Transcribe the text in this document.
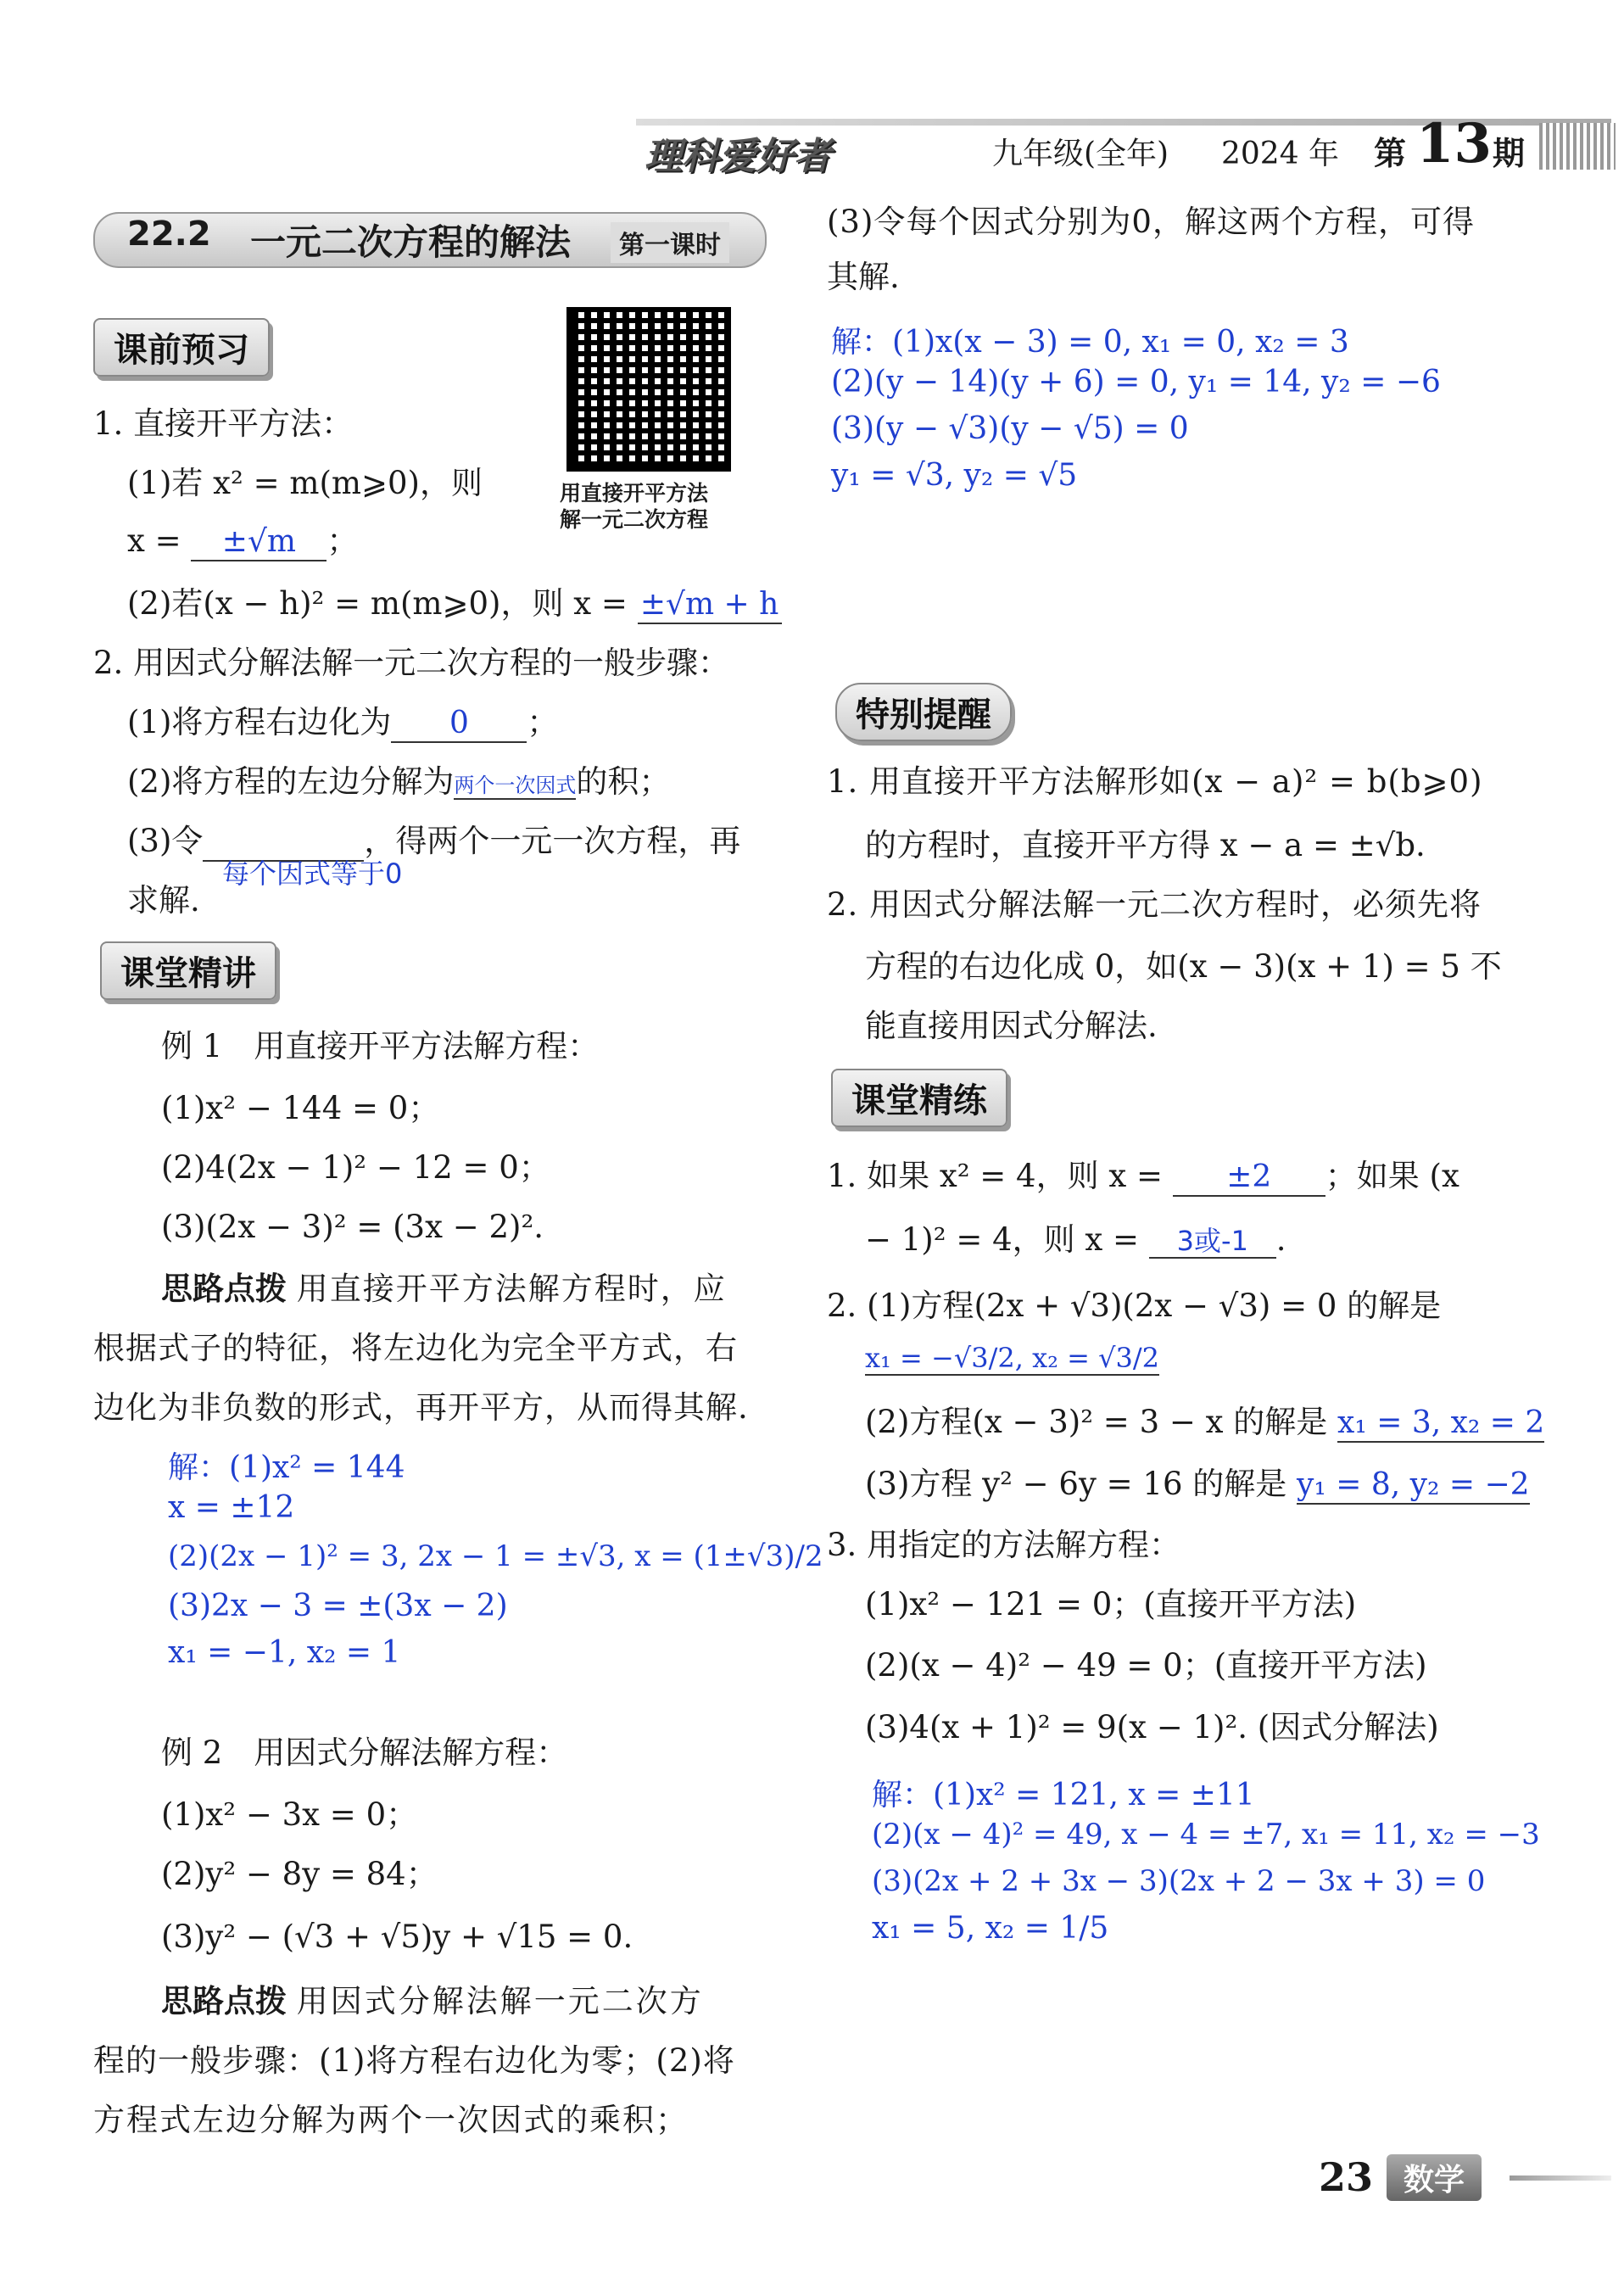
理科爱好者	九年级(全年) 2024 年 第 13 期
22.2 一元二次方程的解法	第一课时
课前预习
用直接开平方法
解一元二次方程
1. 直接开平方法：
(1)若 x² = m(m⩾0)，则
x = ±√m ；
(2)若(x − h)² = m(m⩾0)，则 x = ±√m + h
2. 用因式分解法解一元二次方程的一般步骤：
(1)将方程右边化为 0 ；
(2)将方程的左边分解为两个一次因式的积；
(3)令	，得两个一元一次方程，再
每个因式等于0
求解.
课堂精讲
例 1　用直接开平方法解方程：
(1)x² − 144 = 0；
(2)4(2x − 1)² − 12 = 0；
(3)(2x − 3)² = (3x − 2)².
思路点拨 用直接开平方法解方程时，应
根据式子的特征，将左边化为完全平方式，右
边化为非负数的形式，再开平方，从而得其解.
解：(1)x² = 144
x = ±12
(2)(2x − 1)² = 3, 2x − 1 = ±√3, x = (1±√3)/2
(3)2x − 3 = ±(3x − 2)
x₁ = −1, x₂ = 1
例 2　用因式分解法解方程：
(1)x² − 3x = 0；
(2)y² − 8y = 84；
(3)y² − (√3 + √5)y + √15 = 0.
思路点拨 用因式分解法解一元二次方
程的一般步骤：(1)将方程右边化为零；(2)将
方程式左边分解为两个一次因式的乘积；
(3)令每个因式分别为0，解这两个方程，可得
其解.
解：(1)x(x − 3) = 0, x₁ = 0, x₂ = 3
(2)(y − 14)(y + 6) = 0, y₁ = 14, y₂ = −6
(3)(y − √3)(y − √5) = 0
y₁ = √3, y₂ = √5
特别提醒
1. 用直接开平方法解形如(x − a)² = b(b⩾0)
的方程时，直接开平方得 x − a = ±√b.
2. 用因式分解法解一元二次方程时，必须先将
方程的右边化成 0，如(x − 3)(x + 1) = 5 不
能直接用因式分解法.
课堂精练
1. 如果 x² = 4，则 x = ±2 ；如果 (x
− 1)² = 4，则 x = 3或-1 .
2. (1)方程(2x + √3)(2x − √3) = 0 的解是
x₁ = −√3/2, x₂ = √3/2
(2)方程(x − 3)² = 3 − x 的解是 x₁ = 3, x₂ = 2
(3)方程 y² − 6y = 16 的解是 y₁ = 8, y₂ = −2
3. 用指定的方法解方程：
(1)x² − 121 = 0；(直接开平方法)
(2)(x − 4)² − 49 = 0；(直接开平方法)
(3)4(x + 1)² = 9(x − 1)². (因式分解法)
解：(1)x² = 121, x = ±11
(2)(x − 4)² = 49, x − 4 = ±7, x₁ = 11, x₂ = −3
(3)(2x + 2 + 3x − 3)(2x + 2 − 3x + 3) = 0
x₁ = 5, x₂ = 1/5
23 数学
